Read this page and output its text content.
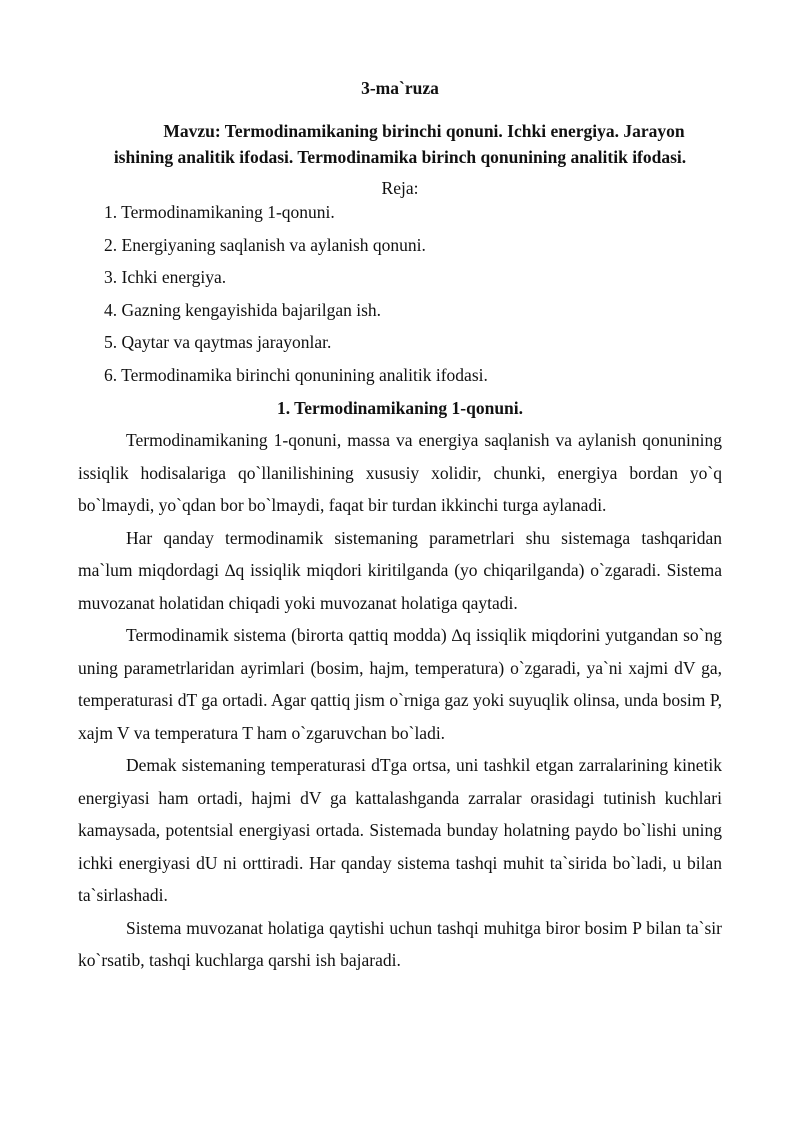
3-ma`ruza
Mavzu: Termodinamikaning birinchi qonuni. Ichki energiya. Jarayon
ishining analitik ifodasi. Termodinamika birinch qonunining analitik ifodasi.
Reja:
1. Termodinamikaning 1-qonuni.
2. Energiyaning saqlanish va aylanish qonuni.
3. Ichki energiya.
4. Gazning kengayishida bajarilgan ish.
5. Qaytar va qaytmas jarayonlar.
6. Termodinamika birinchi qonunining analitik ifodasi.
1. Termodinamikaning 1-qonuni.

Termodinamikaning 1-qonuni, massa va energiya saqlanish va aylanish qonunining issiqlik hodisalariga qo`llanilishining xususiy xolidir, chunki, energiya bordan yo`q bo`lmaydi, yo`qdan bor bo`lmaydi, faqat bir turdan ikkinchi turga aylanadi.

Har qanday termodinamik sistemaning parametrlari shu sistemaga tashqaridan ma`lum miqdordagi ∆q issiqlik miqdori kiritilganda (yo chiqarilganda) o`zgaradi. Sistema muvozanat holatidan chiqadi yoki muvozanat holatiga qaytadi.

Termodinamik sistema (birorta qattiq modda) ∆q issiqlik miqdorini yutgandan so`ng uning parametrlaridan ayrimlari (bosim, hajm, temperatura) o`zgaradi, ya`ni xajmi dV ga, temperaturasi dT ga ortadi. Agar qattiq jism o`rniga gaz yoki suyuqlik olinsa, unda bosim P, xajm V va temperatura T ham o`zgaruvchan bo`ladi.

Demak sistemaning temperaturasi dTga ortsa, uni tashkil etgan zarralarining kinetik energiyasi ham ortadi, hajmi dV ga kattalashganda zarralar orasidagi tutinish kuchlari kamaysada, potentsial energiyasi ortada. Sistemada bunday holatning paydo bo`lishi uning ichki energiyasi dU ni orttiradi. Har qanday sistema tashqi muhit ta`sirida bo`ladi, u bilan ta`sirlashadi.

Sistema muvozanat holatiga qaytishi uchun tashqi muhitga biror bosim P bilan ta`sir ko`rsatib, tashqi kuchlarga qarshi ish bajaradi.
